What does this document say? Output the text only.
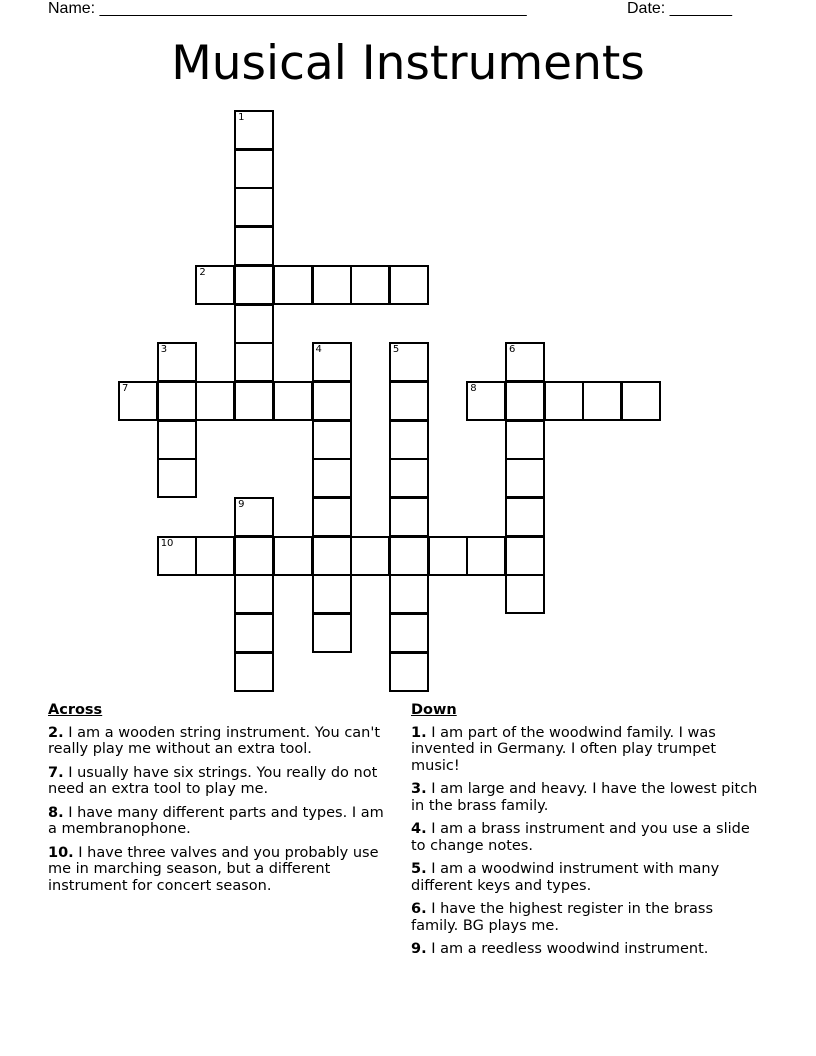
Name: ________________________________________________	Date: _______
Musical Instruments
1
2
3	4	5	6
7	8
9
10
Across
2. I am a wooden string instrument. You can't really play me without an extra tool.
7. I usually have six strings. You really do not need an extra tool to play me.
8. I have many different parts and types. I am a membranophone.
10. I have three valves and you probably use me in marching season, but a different instrument for concert season.
Down
1. I am part of the woodwind family. I was invented in Germany. I often play trumpet music!
3. I am large and heavy. I have the lowest pitch in the brass family.
4. I am a brass instrument and you use a slide to change notes.
5. I am a woodwind instrument with many different keys and types.
6. I have the highest register in the brass family. BG plays me.
9. I am a reedless woodwind instrument.
